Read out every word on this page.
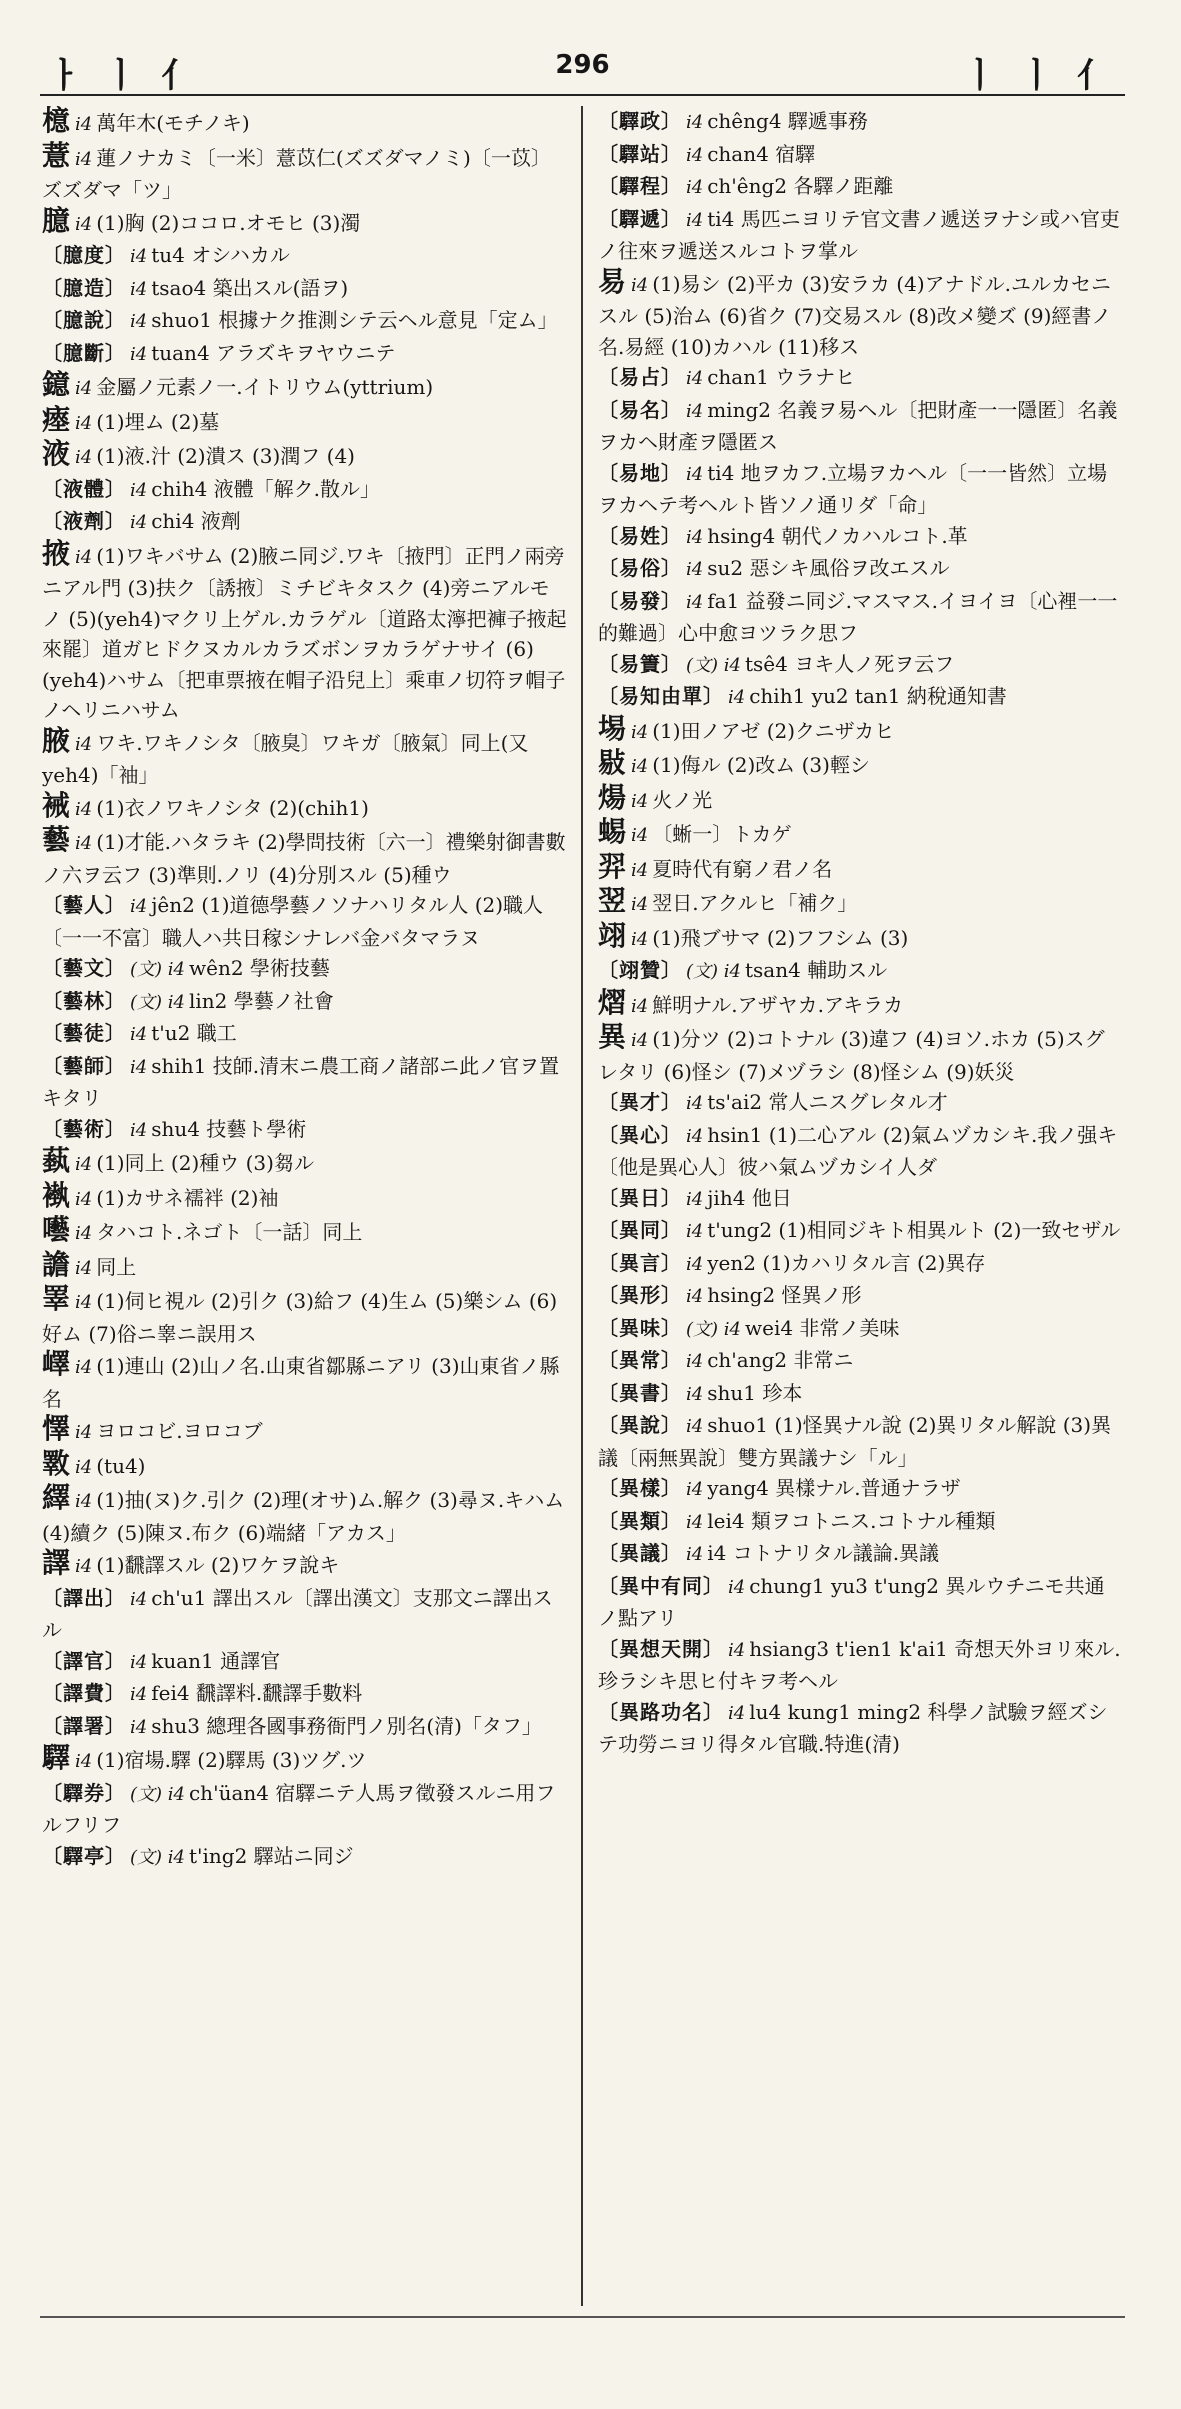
ㅏ ㅣ 亻	296	ㅣ ㅣ 亻

檍i4 萬年木(モチノキ)

薏i4 蓮ノナカミ〔一米〕薏苡仁(ズズダマノミ)〔一苡〕ズズダマ「ツ」

臆i4 (1)胸 (2)ココロ.オモヒ (3)濁

〔臆度〕 i4 tu4 オシハカル

〔臆造〕 i4 tsao4 築出スル(語ヲ)

〔臆說〕 i4 shuo1 根據ナク推測シテ云ヘル意見「定ム」

〔臆斷〕 i4 tuan4 アラズキヲヤウニテ

鐿i4 金屬ノ元素ノ一.イトリウム(yttrium)

瘞i4 (1)埋ム (2)墓

液i4 (1)液.汁 (2)潰ス (3)潤フ (4)

〔液體〕 i4 chih4 液體「解ク.散ル」

〔液劑〕 i4 chi4 液劑

掖i4 (1)ワキバサム (2)腋ニ同ジ.ワキ〔掖門〕正門ノ兩旁ニアル門 (3)扶ク〔誘掖〕ミチビキタスク (4)旁ニアルモノ (5)(yeh4)マクリ上ゲル.カラゲル〔道路太濘把褲子掖起來罷〕道ガヒドクヌカルカラズボンヲカラゲナサイ (6)(yeh4)ハサム〔把車票掖在帽子沿兒上〕乘車ノ切符ヲ帽子ノヘリニハサム

腋i4 ワキ.ワキノシタ〔腋臭〕ワキガ〔腋氣〕同上(又yeh4)「袖」

裓i4 (1)衣ノワキノシタ (2)(chih1)

藝i4 (1)才能.ハタラキ (2)學問技術〔六一〕禮樂射御書數ノ六ヲ云フ (3)準則.ノリ (4)分別スル (5)種ウ

〔藝人〕 i4 jên2 (1)道德學藝ノソナハリタル人 (2)職人〔一一不富〕職人ハ共日稼シナレバ金バタマラヌ

〔藝文〕 (文) i4 wên2 學術技藝

〔藝林〕 (文) i4 lin2 學藝ノ社會

〔藝徒〕 i4 t'u2 職工

〔藝師〕 i4 shih1 技師.清末ニ農工商ノ諸部ニ此ノ官ヲ置キタリ

〔藝術〕 i4 shu4 技藝ト學術

蓺i4 (1)同上 (2)種ウ (3)芻ル

褹i4 (1)カサネ襦袢 (2)袖

囈i4 タハコト.ネゴト〔一話〕同上

譫i4 同上

睪i4 (1)伺ヒ視ル (2)引ク (3)給フ (4)生ム (5)樂シム (6)好ム (7)俗ニ睾ニ誤用ス

嶧i4 (1)連山 (2)山ノ名.山東省鄒縣ニアリ (3)山東省ノ縣名

懌i4 ヨロコビ.ヨロコブ

斁i4 (tu4)

繹i4 (1)抽(ヌ)ク.引ク (2)理(オサ)ム.解ク (3)尋ヌ.キハム (4)續ク (5)陳ヌ.布ク (6)端緒「アカス」

譯i4 (1)飜譯スル (2)ワケヲ說キ

〔譯出〕 i4 ch'u1 譯出スル〔譯出漢文〕支那文ニ譯出スル

〔譯官〕 i4 kuan1 通譯官

〔譯費〕 i4 fei4 飜譯料.飜譯手數料

〔譯署〕 i4 shu3 總理各國事務衙門ノ別名(清)「タフ」

驛i4 (1)宿場.驛 (2)驛馬 (3)ツグ.ツ

〔驛券〕 (文) i4 ch'üan4 宿驛ニテ人馬ヲ徵發スルニ用フルフリフ

〔驛亭〕 (文) i4 t'ing2 驛站ニ同ジ

〔驛政〕 i4 chêng4 驛遞事務

〔驛站〕 i4 chan4 宿驛

〔驛程〕 i4 ch'êng2 各驛ノ距離

〔驛遞〕 i4 ti4 馬匹ニヨリテ官文書ノ遞送ヲナシ或ハ官吏ノ往來ヲ遞送スルコトヲ掌ル

易i4 (1)易シ (2)平カ (3)安ラカ (4)アナドル.ユルカセニスル (5)治ム (6)省ク (7)交易スル (8)改メ變ズ (9)經書ノ名.易經 (10)カハル (11)移ス

〔易占〕 i4 chan1 ウラナヒ

〔易名〕 i4 ming2 名義ヲ易ヘル〔把財產一一隱匿〕名義ヲカヘ財產ヲ隱匿ス

〔易地〕 i4 ti4 地ヲカフ.立場ヲカヘル〔一一皆然〕立場ヲカヘテ考ヘルト皆ソノ通リダ「命」

〔易姓〕 i4 hsing4 朝代ノカハルコト.革

〔易俗〕 i4 su2 惡シキ風俗ヲ改エスル

〔易發〕 i4 fa1 益發ニ同ジ.マスマス.イヨイヨ〔心裡一一的難過〕心中愈ヨツラク思フ

〔易簀〕 (文) i4 tsê4 ヨキ人ノ死ヲ云フ

〔易知由單〕 i4 chih1 yu2 tan1 納稅通知書

埸i4 (1)田ノアゼ (2)クニザカヒ

敡i4 (1)侮ル (2)改ム (3)輕シ

煬i4 火ノ光

蜴i4 〔蜥一〕トカゲ

羿i4 夏時代有窮ノ君ノ名

翌i4 翌日.アクルヒ「補ク」

翊i4 (1)飛ブサマ (2)フフシム (3)

〔翊贊〕 (文) i4 tsan4 輔助スル

熠i4 鮮明ナル.アザヤカ.アキラカ

異i4 (1)分ツ (2)コトナル (3)違フ (4)ヨソ.ホカ (5)スグレタリ (6)怪シ (7)メヅラシ (8)怪シム (9)妖災

〔異才〕 i4 ts'ai2 常人ニスグレタル才

〔異心〕 i4 hsin1 (1)二心アル (2)氣ムヅカシキ.我ノ强キ〔他是異心人〕彼ハ氣ムヅカシイ人ダ

〔異日〕 i4 jih4 他日

〔異同〕 i4 t'ung2 (1)相同ジキト相異ルト (2)一致セザル

〔異言〕 i4 yen2 (1)カハリタル言 (2)異存

〔異形〕 i4 hsing2 怪異ノ形

〔異味〕 (文) i4 wei4 非常ノ美味

〔異常〕 i4 ch'ang2 非常ニ

〔異書〕 i4 shu1 珍本

〔異說〕 i4 shuo1 (1)怪異ナル說 (2)異リタル解說 (3)異議〔兩無異說〕雙方異議ナシ「ル」

〔異樣〕 i4 yang4 異樣ナル.普通ナラザ

〔異類〕 i4 lei4 類ヲコトニス.コトナル種類

〔異議〕 i4 i4 コトナリタル議論.異議

〔異中有同〕 i4 chung1 yu3 t'ung2 異ルウチニモ共通ノ點アリ

〔異想天開〕 i4 hsiang3 t'ien1 k'ai1 奇想天外ヨリ來ル. 珍ラシキ思ヒ付キヲ考ヘル

〔異路功名〕 i4 lu4 kung1 ming2 科學ノ試驗ヲ經ズシテ功勞ニヨリ得タル官職.特進(清)
